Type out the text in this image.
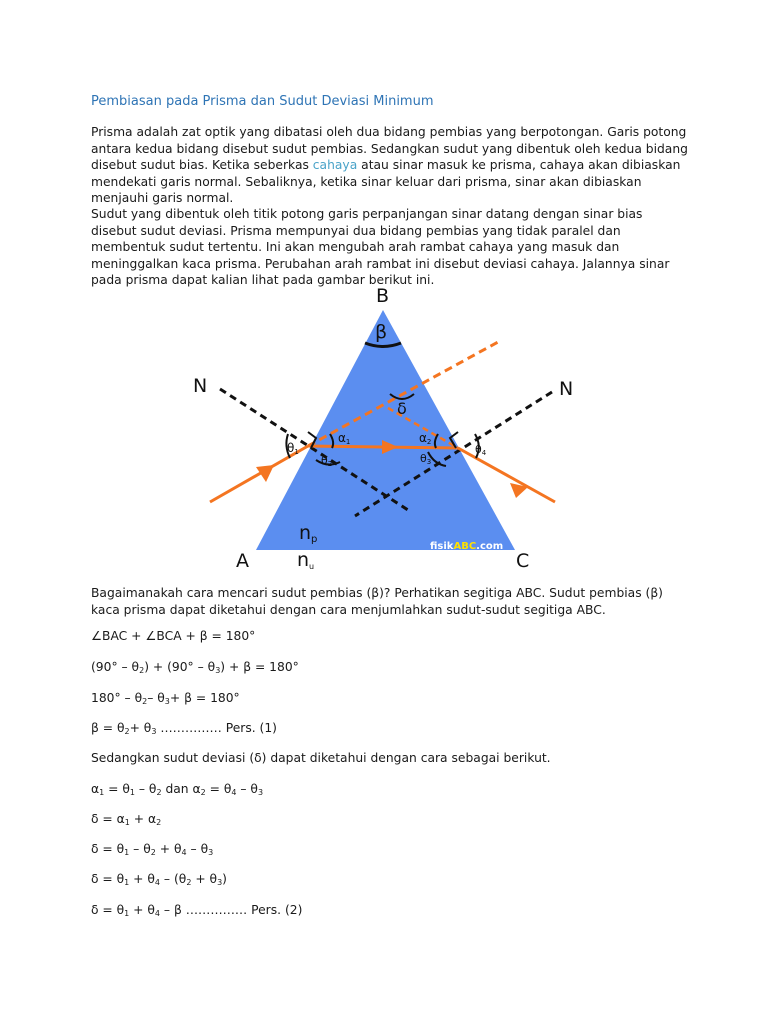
Pembiasan pada Prisma dan Sudut Deviasi Minimum

Prisma adalah zat optik yang dibatasi oleh dua bidang pembias yang berpotongan. Garis potong antara kedua bidang disebut sudut pembias. Sedangkan sudut yang dibentuk oleh kedua bidang disebut sudut bias. Ketika seberkas cahaya atau sinar masuk ke prisma, cahaya akan dibiaskan mendekati garis normal. Sebaliknya, ketika sinar keluar dari prisma, sinar akan dibiaskan menjauhi garis normal.

Sudut yang dibentuk oleh titik potong garis perpanjangan sinar datang dengan sinar bias disebut sudut deviasi. Prisma mempunyai dua bidang pembias yang tidak paralel dan membentuk sudut tertentu. Ini akan mengubah arah rambat cahaya yang masuk dan meninggalkan kaca prisma. Perubahan arah rambat ini disebut deviasi cahaya. Jalannya sinar pada prisma dapat kalian lihat pada gambar berikut ini.

B
A	C
N	N
β
δ
θ1
θ2
α1	α2
θ3
θ4
np
nu
fisikABC.com

Bagaimanakah cara mencari sudut pembias (β)? Perhatikan segitiga ABC. Sudut pembias (β) kaca prisma dapat diketahui dengan cara menjumlahkan sudut-sudut segitiga ABC.

∠BAC + ∠BCA + β = 180°
$(90^\circ - \theta_2) + (90^\circ - \theta_3) + \beta = 180^\circ$
$180^\circ - \theta_2-$ $\theta_3+ \beta = 180^\circ$
$\beta = \theta_2+ \theta_3$ …………… Pers. (1)

Sedangkan sudut deviasi (δ) dapat diketahui dengan cara sebagai berikut.

$\alpha_1 = \theta_1 - \theta_2$ dan $\alpha_2 = \theta_4 - \theta_3$
$\delta = \alpha_1 + \alpha_2$
$\delta = \theta_1 - \theta_2 + \theta_4 - \theta_3$
$\delta = \theta_1 + \theta_4 - (\theta_2 + \theta_3)$
$\delta = \theta_1 + \theta_4 - \beta$ …………… Pers. (2)
